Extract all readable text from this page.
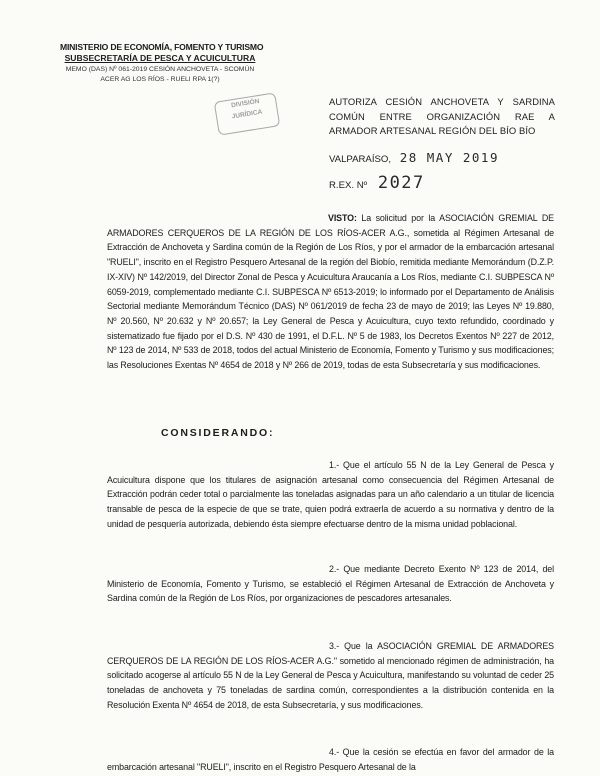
MINISTERIO DE ECONOMÍA, FOMENTO Y TURISMO
SUBSECRETARÍA DE PESCA Y ACUICULTURA
MEMO (DAS) Nº 061-2019 CESIÓN ANCHOVETA - SCOMÚN ACER AG LOS RÍOS - RUELI RPA 1(?)
DIVISIÓN
JURÍDICA
AUTORIZA CESIÓN ANCHOVETA Y SARDINA COMÚN ENTRE ORGANIZACIÓN RAE A ARMADOR ARTESANAL REGIÓN DEL BÍO BÍO
VALPARAÍSO, 28 MAY 2019
R.EX. Nº 2027
VISTO: La solicitud por la ASOCIACIÓN GREMIAL DE ARMADORES CERQUEROS DE LA REGIÓN DE LOS RÍOS-ACER A.G., sometida al Régimen Artesanal de Extracción de Anchoveta y Sardina común de la Región de Los Ríos, y por el armador de la embarcación artesanal "RUELI", inscrito en el Registro Pesquero Artesanal de la región del Biobío, remitida mediante Memorándum (D.Z.P. IX-XIV) Nº 142/2019, del Director Zonal de Pesca y Acuicultura Araucanía a Los Ríos, mediante C.I. SUBPESCA Nº 6059-2019, complementado mediante C.I. SUBPESCA Nº 6513-2019; lo informado por el Departamento de Análisis Sectorial mediante Memorándum Técnico (DAS) Nº 061/2019 de fecha 23 de mayo de 2019; las Leyes Nº 19.880, Nº 20.560, Nº 20.632 y Nº 20.657; la Ley General de Pesca y Acuicultura, cuyo texto refundido, coordinado y sistematizado fue fijado por el D.S. Nº 430 de 1991, el D.F.L. Nº 5 de 1983, los Decretos Exentos Nº 227 de 2012, Nº 123 de 2014, Nº 533 de 2018, todos del actual Ministerio de Economía, Fomento y Turismo y sus modificaciones; las Resoluciones Exentas Nº 4654 de 2018 y Nº 266 de 2019, todas de esta Subsecretaría y sus modificaciones.
CONSIDERANDO:
1.- Que el artículo 55 N de la Ley General de Pesca y Acuicultura dispone que los titulares de asignación artesanal como consecuencia del Régimen Artesanal de Extracción podrán ceder total o parcialmente las toneladas asignadas para un año calendario a un titular de licencia transable de pesca de la especie de que se trate, quien podrá extraerla de acuerdo a su normativa y dentro de la unidad de pesquería autorizada, debiendo ésta siempre efectuarse dentro de la misma unidad poblacional.
2.- Que mediante Decreto Exento Nº 123 de 2014, del Ministerio de Economía, Fomento y Turismo, se estableció el Régimen Artesanal de Extracción de Anchoveta y Sardina común de la Región de Los Ríos, por organizaciones de pescadores artesanales.
3.- Que la ASOCIACIÓN GREMIAL DE ARMADORES CERQUEROS DE LA REGIÓN DE LOS RÍOS-ACER A.G." sometido al mencionado régimen de administración, ha solicitado acogerse al artículo 55 N de la Ley General de Pesca y Acuicultura, manifestando su voluntad de ceder 25 toneladas de anchoveta y 75 toneladas de sardina común, correspondientes a la distribución contenida en la Resolución Exenta Nº 4654 de 2018, de esta Subsecretaría, y sus modificaciones.
4.- Que la cesión se efectúa en favor del armador de la embarcación artesanal "RUELI", inscrito en el Registro Pesquero Artesanal de la
